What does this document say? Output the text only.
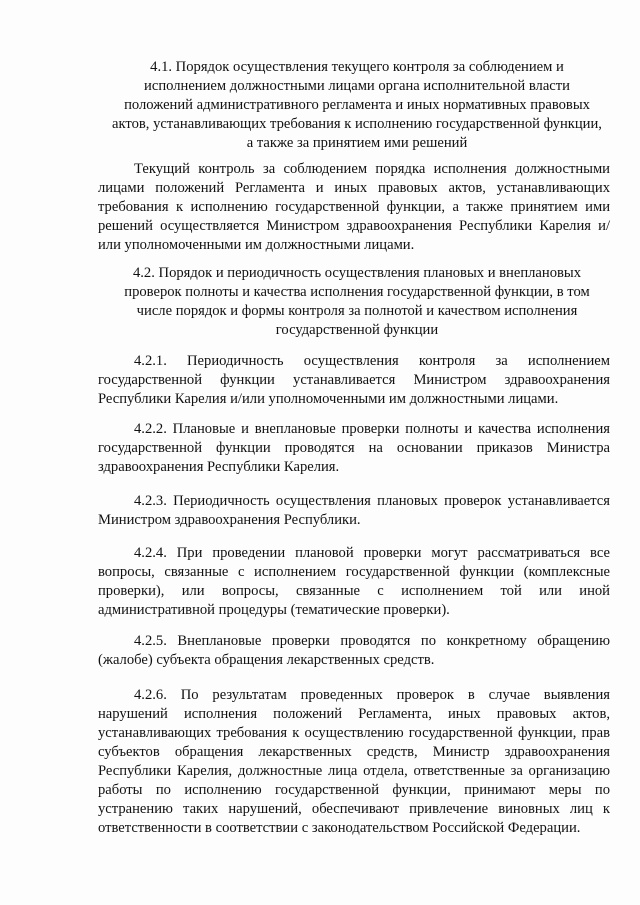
4.1. Порядок осуществления текущего контроля за соблюдением и исполнением должностными лицами органа исполнительной власти положений административного регламента и иных нормативных правовых актов, устанавливающих требования к исполнению государственной функции, а также за принятием ими решений
Текущий контроль за соблюдением порядка исполнения должностными лицами положений Регламента и иных правовых актов, устанавливающих требования к исполнению государственной функции, а также принятием ими решений осуществляется Министром здравоохранения Республики Карелия и/или уполномоченными им должностными лицами.
4.2. Порядок и периодичность осуществления плановых и внеплановых проверок полноты и качества исполнения государственной функции, в том числе порядок и формы контроля за полнотой и качеством исполнения государственной функции
4.2.1. Периодичность осуществления контроля за исполнением государственной функции устанавливается Министром здравоохранения Республики Карелия и/или уполномоченными им должностными лицами.
4.2.2. Плановые и внеплановые проверки полноты и качества исполнения государственной функции проводятся на основании приказов Министра здравоохранения Республики Карелия.
4.2.3. Периодичность осуществления плановых проверок устанавливается Министром здравоохранения Республики.
4.2.4. При проведении плановой проверки могут рассматриваться все вопросы, связанные с исполнением государственной функции (комплексные проверки), или вопросы, связанные с исполнением той или иной административной процедуры (тематические проверки).
4.2.5. Внеплановые проверки проводятся по конкретному обращению (жалобе) субъекта обращения лекарственных средств.
4.2.6. По результатам проведенных проверок в случае выявления нарушений исполнения положений Регламента, иных правовых актов, устанавливающих требования к осуществлению государственной функции, прав субъектов обращения лекарственных средств, Министр здравоохранения Республики Карелия, должностные лица отдела, ответственные за организацию работы по исполнению государственной функции, принимают меры по устранению таких нарушений, обеспечивают привлечение виновных лиц к ответственности в соответствии с законодательством Российской Федерации.
